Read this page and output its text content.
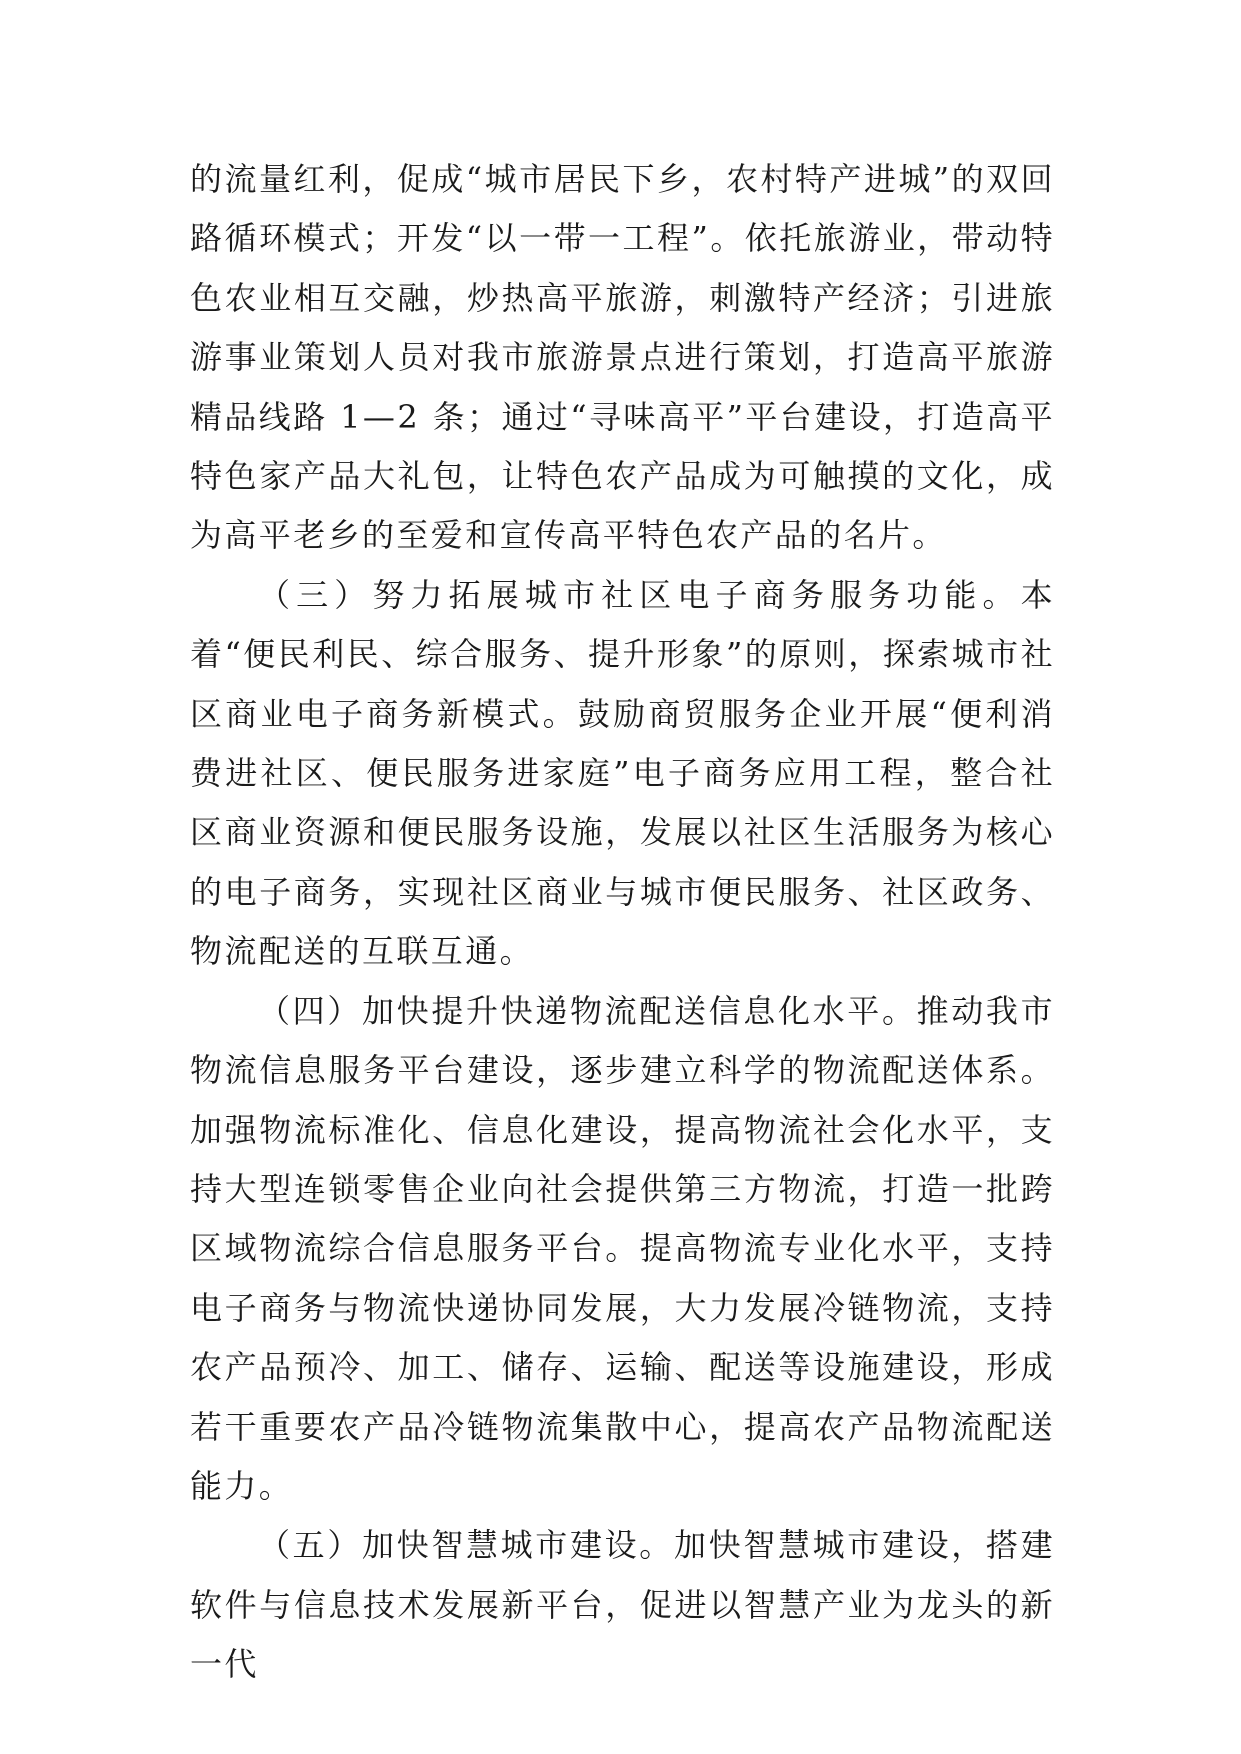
的流量红利，促成“城市居民下乡，农村特产进城”的双回路循环模式；开发“以一带一工程”。依托旅游业，带动特色农业相互交融，炒热高平旅游，刺激特产经济；引进旅游事业策划人员对我市旅游景点进行策划，打造高平旅游精品线路 1—2 条；通过“寻味高平”平台建设，打造高平特色家产品大礼包，让特色农产品成为可触摸的文化，成为高平老乡的至爱和宣传高平特色农产品的名片。

（三）努力拓展城市社区电子商务服务功能。本着“便民利民、综合服务、提升形象”的原则，探索城市社区商业电子商务新模式。鼓励商贸服务企业开展“便利消费进社区、便民服务进家庭”电子商务应用工程，整合社区商业资源和便民服务设施，发展以社区生活服务为核心的电子商务，实现社区商业与城市便民服务、社区政务、物流配送的互联互通。

（四）加快提升快递物流配送信息化水平。推动我市物流信息服务平台建设，逐步建立科学的物流配送体系。加强物流标准化、信息化建设，提高物流社会化水平，支持大型连锁零售企业向社会提供第三方物流，打造一批跨区域物流综合信息服务平台。提高物流专业化水平，支持电子商务与物流快递协同发展，大力发展冷链物流，支持农产品预冷、加工、储存、运输、配送等设施建设，形成若干重要农产品冷链物流集散中心，提高农产品物流配送能力。

（五）加快智慧城市建设。加快智慧城市建设，搭建软件与信息技术发展新平台，促进以智慧产业为龙头的新一代
